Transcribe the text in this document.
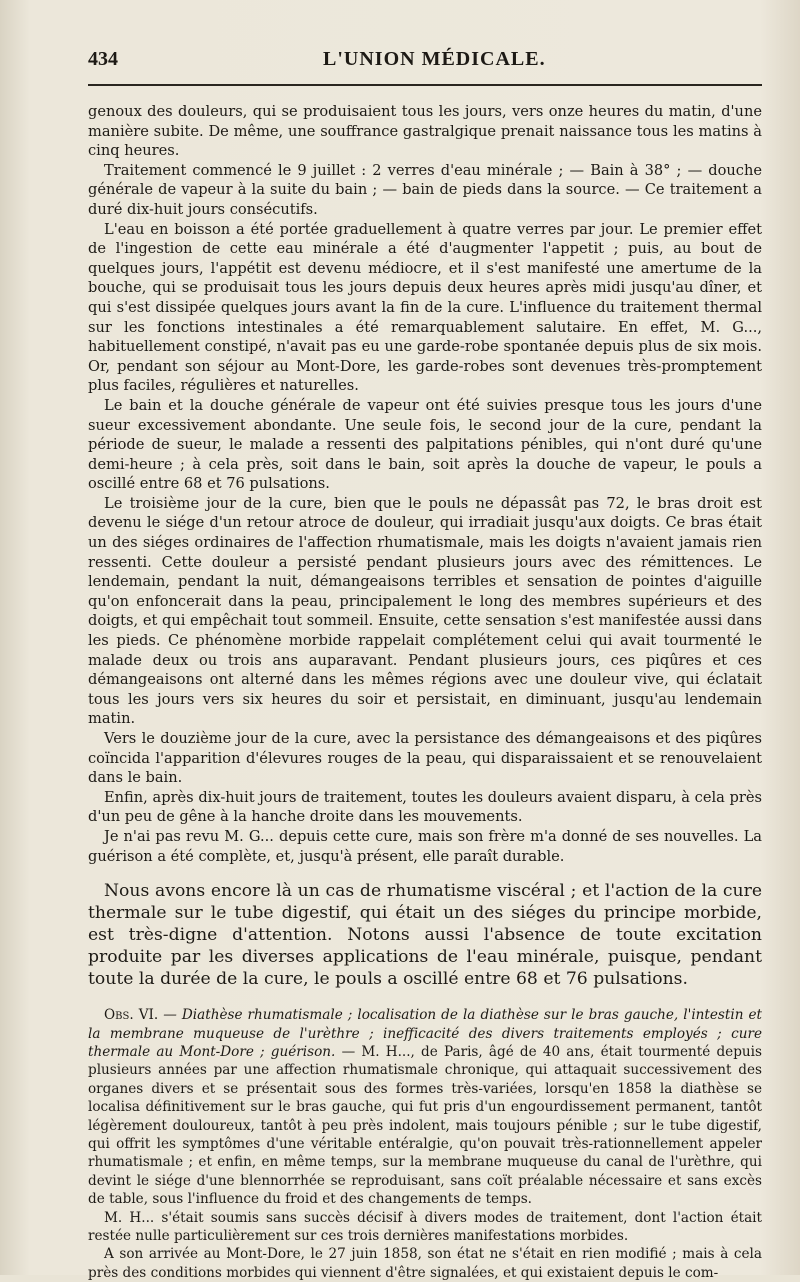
434	L'UNION MÉDICALE.

genoux des douleurs, qui se produisaient tous les jours, vers onze heures du matin, d'une manière subite. De même, une souffrance gastralgique prenait naissance tous les matins à cinq heures.

Traitement commencé le 9 juillet : 2 verres d'eau minérale ; — Bain à 38° ; — douche générale de vapeur à la suite du bain ; — bain de pieds dans la source. — Ce traitement a duré dix-huit jours consécutifs.

L'eau en boisson a été portée graduellement à quatre verres par jour. Le premier effet de l'ingestion de cette eau minérale a été d'augmenter l'appetit ; puis, au bout de quelques jours, l'appétit est devenu médiocre, et il s'est manifesté une amertume de la bouche, qui se produisait tous les jours depuis deux heures après midi jusqu'au dîner, et qui s'est dissipée quelques jours avant la fin de la cure. L'influence du traitement thermal sur les fonctions intestinales a été remarquablement salutaire. En effet, M. G..., habituellement constipé, n'avait pas eu une garde-robe spontanée depuis plus de six mois. Or, pendant son séjour au Mont-Dore, les garde-robes sont devenues très-promptement plus faciles, régulières et naturelles.

Le bain et la douche générale de vapeur ont été suivies presque tous les jours d'une sueur excessivement abondante. Une seule fois, le second jour de la cure, pendant la période de sueur, le malade a ressenti des palpitations pénibles, qui n'ont duré qu'une demi-heure ; à cela près, soit dans le bain, soit après la douche de vapeur, le pouls a oscillé entre 68 et 76 pulsations.

Le troisième jour de la cure, bien que le pouls ne dépassât pas 72, le bras droit est devenu le siége d'un retour atroce de douleur, qui irradiait jusqu'aux doigts. Ce bras était un des siéges ordinaires de l'affection rhumatismale, mais les doigts n'avaient jamais rien ressenti. Cette douleur a persisté pendant plusieurs jours avec des rémittences. Le lendemain, pendant la nuit, démangeaisons terribles et sensation de pointes d'aiguille qu'on enfoncerait dans la peau, principalement le long des membres supérieurs et des doigts, et qui empêchait tout sommeil. Ensuite, cette sensation s'est manifestée aussi dans les pieds. Ce phénomène morbide rappelait complétement celui qui avait tourmenté le malade deux ou trois ans auparavant. Pendant plusieurs jours, ces piqûres et ces démangeaisons ont alterné dans les mêmes régions avec une douleur vive, qui éclatait tous les jours vers six heures du soir et persistait, en diminuant, jusqu'au lendemain matin.

Vers le douzième jour de la cure, avec la persistance des démangeaisons et des piqûres coïncida l'apparition d'élevures rouges de la peau, qui disparaissaient et se renouvelaient dans le bain.

Enfin, après dix-huit jours de traitement, toutes les douleurs avaient disparu, à cela près d'un peu de gêne à la hanche droite dans les mouvements.

Je n'ai pas revu M. G... depuis cette cure, mais son frère m'a donné de ses nouvelles. La guérison a été complète, et, jusqu'à présent, elle paraît durable.

Nous avons encore là un cas de rhumatisme viscéral ; et l'action de la cure thermale sur le tube digestif, qui était un des siéges du principe morbide, est très-digne d'attention. Notons aussi l'absence de toute excitation produite par les diverses applications de l'eau minérale, puisque, pendant toute la durée de la cure, le pouls a oscillé entre 68 et 76 pulsations.

Obs. VI. — Diathèse rhumatismale ; localisation de la diathèse sur le bras gauche, l'intestin et la membrane muqueuse de l'urèthre ; inefficacité des divers traitements employés ; cure thermale au Mont-Dore ; guérison. — M. H..., de Paris, âgé de 40 ans, était tourmenté depuis plusieurs années par une affection rhumatismale chronique, qui attaquait successivement des organes divers et se présentait sous des formes très-variées, lorsqu'en 1858 la diathèse se localisa définitivement sur le bras gauche, qui fut pris d'un engourdissement permanent, tantôt légèrement douloureux, tantôt à peu près indolent, mais toujours pénible ; sur le tube digestif, qui offrit les symptômes d'une véritable entéralgie, qu'on pouvait très-rationnellement appeler rhumatismale ; et enfin, en même temps, sur la membrane muqueuse du canal de l'urèthre, qui devint le siége d'une blennorrhée se reproduisant, sans coït préalable nécessaire et sans excès de table, sous l'influence du froid et des changements de temps.

M. H... s'était soumis sans succès décisif à divers modes de traitement, dont l'action était restée nulle particulièrement sur ces trois dernières manifestations morbides.

A son arrivée au Mont-Dore, le 27 juin 1858, son état ne s'était en rien modifié ; mais à cela près des conditions morbides qui viennent d'être signalées, et qui existaient depuis le com-
